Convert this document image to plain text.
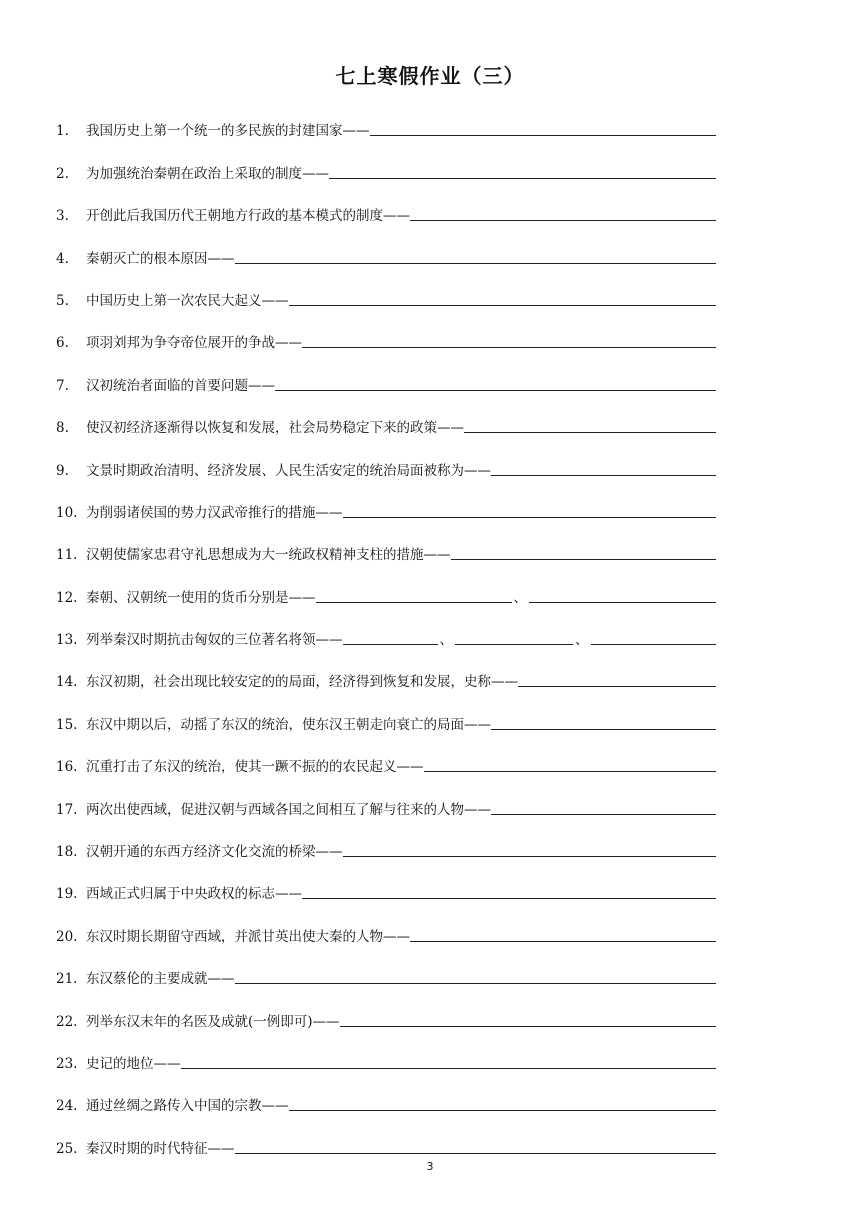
七上寒假作业（三）
1.	我国历史上第一个统一的多民族的封建国家——
2.	为加强统治秦朝在政治上采取的制度——
3.	开创此后我国历代王朝地方行政的基本模式的制度——
4.	秦朝灭亡的根本原因——
5.	中国历史上第一次农民大起义——
6.	项羽刘邦为争夺帝位展开的争战——
7.	汉初统治者面临的首要问题——
8.	使汉初经济逐渐得以恢复和发展，社会局势稳定下来的政策——
9.	文景时期政治清明、经济发展、人民生活安定的统治局面被称为——
10. 为削弱诸侯国的势力汉武帝推行的措施——
11. 汉朝使儒家忠君守礼思想成为大一统政权精神支柱的措施——
12. 秦朝、汉朝统一使用的货币分别是——	、
13. 列举秦汉时期抗击匈奴的三位著名将领——	、	、
14. 东汉初期，社会出现比较安定的的局面，经济得到恢复和发展，史称——
15. 东汉中期以后，动摇了东汉的统治，使东汉王朝走向衰亡的局面——
16. 沉重打击了东汉的统治，使其一蹶不振的的农民起义——
17. 两次出使西域，促进汉朝与西域各国之间相互了解与往来的人物——
18. 汉朝开通的东西方经济文化交流的桥梁——
19. 西域正式归属于中央政权的标志——
20. 东汉时期长期留守西域，并派甘英出使大秦的人物——
21. 东汉蔡伦的主要成就——
22. 列举东汉末年的名医及成就(一例即可)——
23. 史记的地位——
24. 通过丝绸之路传入中国的宗教——
25. 秦汉时期的时代特征——
3
